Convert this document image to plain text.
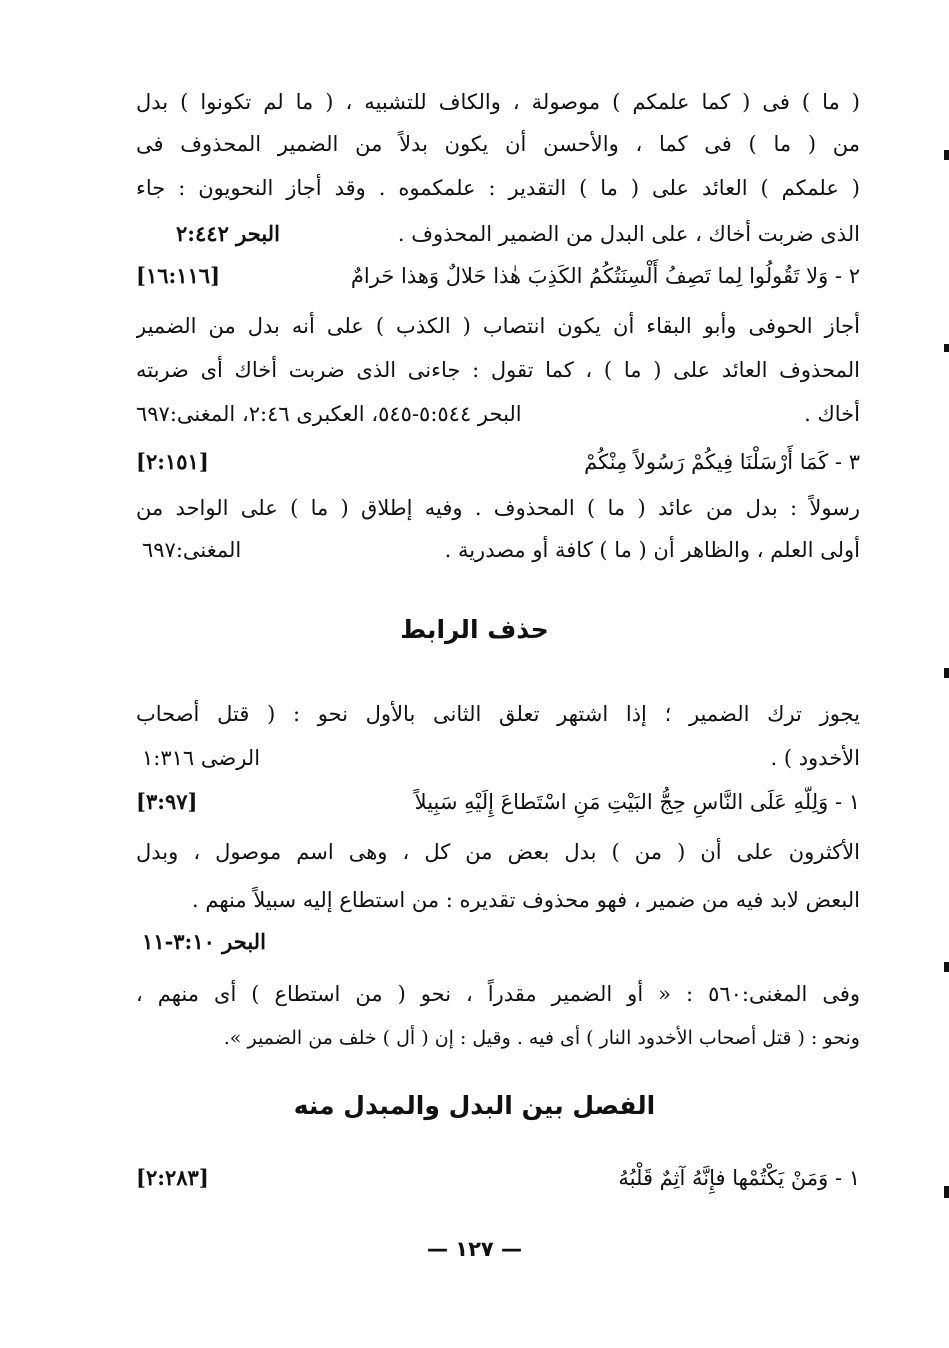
( ما ) فى ( كما علمكم ) موصولة ، والكاف للتشبيه ، ( ما لم تكونوا ) بدل
من ( ما ) فى كما ، والأحسن أن يكون بدلاً من الضمير المحذوف فى
( علمكم ) العائد على ( ما ) التقدير : علمكموه . وقد أجاز النحويون : جاء
الذى ضربت أخاك ، على البدل من الضمير المحذوف .
البحر ٢:٤٤٢
٢ - وَلا تَقُولُوا لِما تَصِفُ أَلْسِنَتُكُمُ الكَذِبَ هٰذا حَلالٌ وَهذا حَرامٌ
[١٦:١١٦]
أجاز الحوفى وأبو البقاء أن يكون انتصاب ( الكذب ) على أنه بدل من الضمير
المحذوف العائد على ( ما ) ، كما تقول : جاءنى الذى ضربت أخاك أى ضربته
أخاك .
البحر ٥:٥٤٤-٥٤٥، العكبرى ٢:٤٦، المغنى:٦٩٧
٣ - كَمَا أَرْسَلْنَا فِيكُمْ رَسُولاً مِنْكُمْ
[٢:١٥١]
رسولاً : بدل من عائد ( ما ) المحذوف . وفيه إطلاق ( ما ) على الواحد من
أولى العلم ، والظاهر أن ( ما ) كافة أو مصدرية .
المغنى:٦٩٧
حذف الرابط
يجوز ترك الضمير ؛ إذا اشتهر تعلق الثانى بالأول نحو : ( قتل أصحاب
الأخدود ) .
الرضى ١:٣١٦
١ - وَلِلّهِ عَلَى النَّاسِ حِجُّ البَيْتِ مَنِ اسْتَطاعَ إِلَيْهِ سَبِيلاً
[٣:٩٧]
الأكثرون على أن ( من ) بدل بعض من كل ، وهى اسم موصول ، وبدل
البعض لابد فيه من ضمير ، فهو محذوف تقديره : من استطاع إليه سبيلاً منهم .
البحر ٣:١٠-١١
وفى المغنى:٥٦٠ : « أو الضمير مقدراً ، نحو ( من استطاع ) أى منهم ،
ونحو : ( قتل أصحاب الأخدود النار ) أى فيه . وقيل : إن ( أل ) خلف من الضمير ».
الفصل بين البدل والمبدل منه
١ - وَمَنْ يَكْتُمْها فإِنَّهُ آثِمٌ قَلْبُهُ
[٢:٢٨٣]
— ١٢٧ —
